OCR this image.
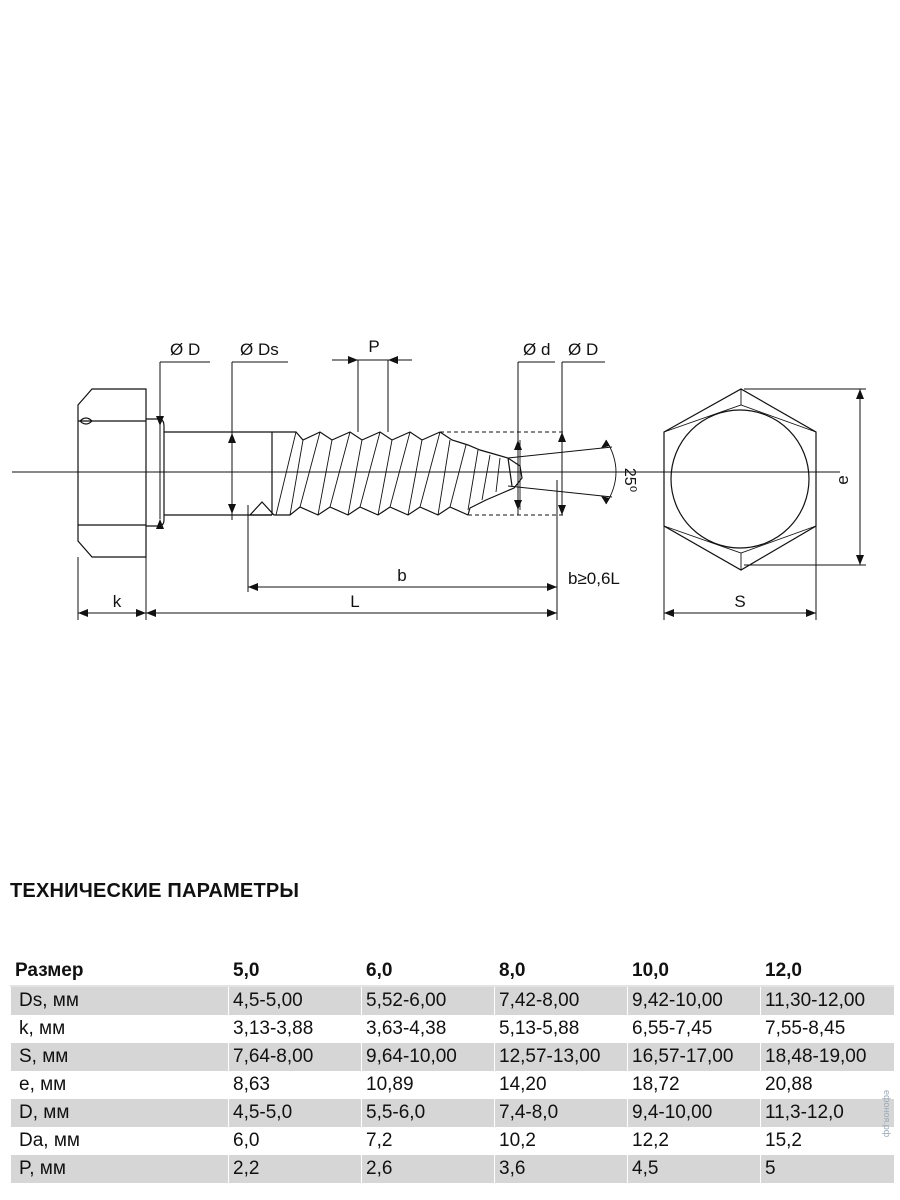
25⁰
Ø D Ø Ds	P	Ø d Ø D
b	b≥0,6L
k	L
e
S
ТЕХНИЧЕСКИЕ ПАРАМЕТРЫ
Размер	5,0	6,0	8,0	10,0	12,0
Ds, мм	4,5-5,00	5,52-6,00	7,42-8,00	9,42-10,00	11,30-12,00
k, мм	3,13-3,88	3,63-4,38	5,13-5,88	6,55-7,45	7,55-8,45
S, мм	7,64-8,00	9,64-10,00	12,57-13,00	16,57-17,00	18,48-19,00
e, мм	8,63	10,89	14,20	18,72	20,88
D, мм	4,5-5,0	5,5-6,0	7,4-8,0	9,4-10,00	11,3-12,0
Da, мм	6,0	7,2	10,2	12,2	15,2
P, мм	2,2	2,6	3,6	4,5	5
ефоноя.рф
